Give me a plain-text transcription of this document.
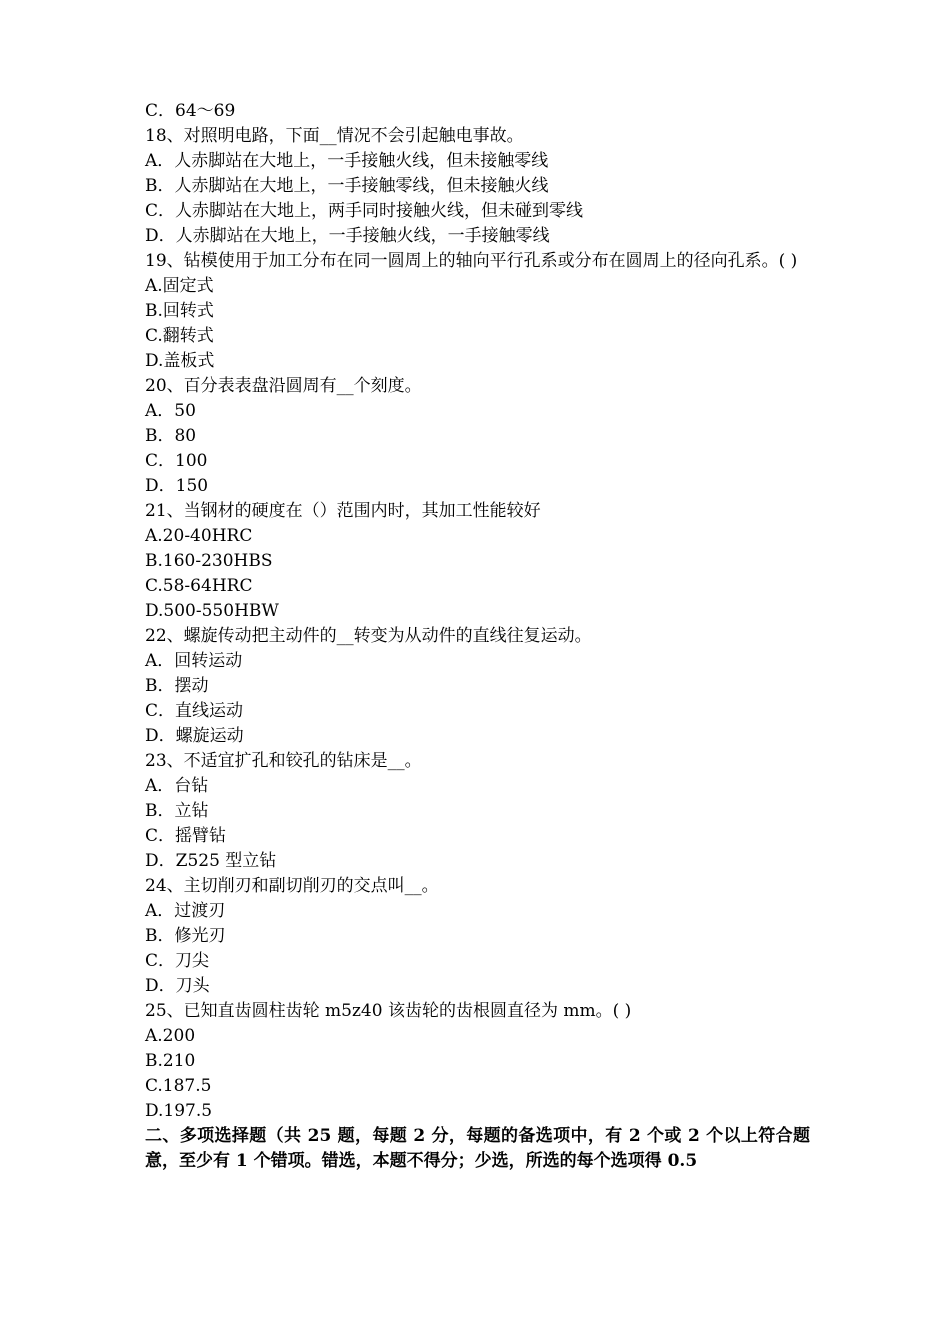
C．64～69
18、对照明电路，下面__情况不会引起触电事故。
A．人赤脚站在大地上，一手接触火线，但未接触零线
B．人赤脚站在大地上，一手接触零线，但未接触火线
C．人赤脚站在大地上，两手同时接触火线，但未碰到零线
D．人赤脚站在大地上，一手接触火线，一手接触零线
19、钻模使用于加工分布在同一圆周上的轴向平行孔系或分布在圆周上的径向孔系。( )
A.固定式
B.回转式
C.翻转式
D.盖板式
20、百分表表盘沿圆周有__个刻度。
A．50
B．80
C．100
D．150
21、当钢材的硬度在（）范围内时，其加工性能较好
A.20-40HRC
B.160-230HBS
C.58-64HRC
D.500-550HBW
22、螺旋传动把主动件的__转变为从动件的直线往复运动。
A．回转运动
B．摆动
C．直线运动
D．螺旋运动
23、不适宜扩孔和铰孔的钻床是__。
A．台钻
B．立钻
C．摇臂钻
D．Z525 型立钻
24、主切削刃和副切削刃的交点叫__。
A．过渡刃
B．修光刃
C．刀尖
D．刀头
25、已知直齿圆柱齿轮 m5z40 该齿轮的齿根圆直径为 mm。( )
A.200
B.210
C.187.5
D.197.5
二、多项选择题（共 25 题，每题 2 分，每题的备选项中，有 2 个或 2 个以上符合题意，至少有 1 个错项。错选，本题不得分；少选，所选的每个选项得 0.5
